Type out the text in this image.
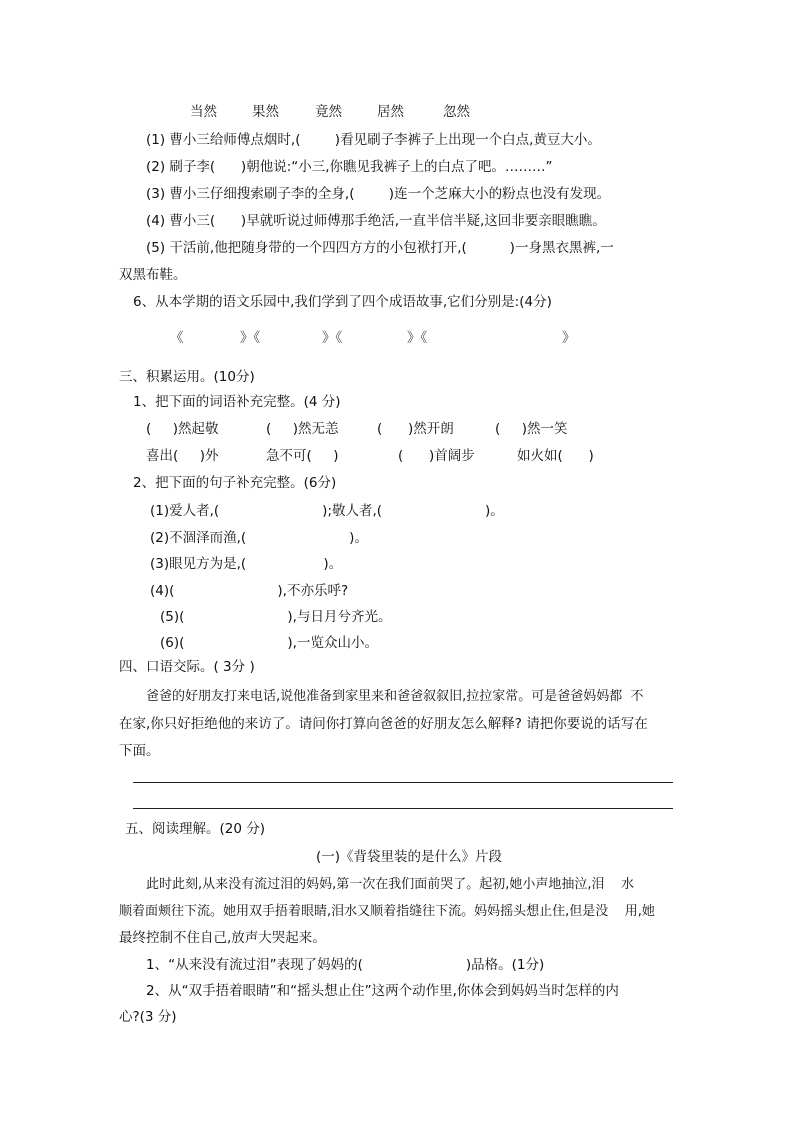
当然	果然	竟然	居然	忽然
(1) 曹小三给师傅点烟时,(        )看见刷子李裤子上出现一个白点,黄豆大小。
(2) 刷子李(      )朝他说:“小三,你瞧见我裤子上的白点了吧。………”
(3) 曹小三仔细搜索刷子李的全身,(        )连一个芝麻大小的粉点也没有发现。
(4) 曹小三(      )早就听说过师傅那手绝活,一直半信半疑,这回非要亲眼瞧瞧。
(5) 干活前,他把随身带的一个四四方方的小包袱打开,(          )一身黑衣黑裤,一
双黑布鞋。
6、从本学期的语文乐园中,我们学到了四个成语故事,它们分别是:(4分)
《	》《	》《	》《	》
三、积累运用。(10分)
1、把下面的词语补充完整。(4 分)
(     )然起敬	(     )然无恙	(      )然开朗	(     )然一笑
喜出(     )外	急不可(     )	(      )首阔步	如火如(      )
2、把下面的句子补充完整。(6分)
(1)爱人者,(                        );敬人者,(                        )。
(2)不涸泽而渔,(                        )。
(3)眼见方为是,(                  )。
(4)(                        ),不亦乐呼?
(5)(                        ),与日月兮齐光。
(6)(                        ),一览众山小。
四、口语交际。( 3分 )
爸爸的好朋友打来电话,说他准备到家里来和爸爸叙叙旧,拉拉家常。可是爸爸妈妈都  不
在家,你只好拒绝他的来访了。请问你打算向爸爸的好朋友怎么解释? 请把你要说的话写在
下面。
五、阅读理解。(20 分)
(一)《背袋里装的是什么》片段
此时此刻,从来没有流过泪的妈妈,第一次在我们面前哭了。起初,她小声地抽泣,泪    水
顺着面颊往下流。她用双手捂着眼睛,泪水又顺着指缝往下流。妈妈摇头想止住,但是没    用,她
最终控制不住自己,放声大哭起来。
1、“从来没有流过泪”表现了妈妈的(                        )品格。(1分)
2、从“双手捂着眼睛”和“摇头想止住”这两个动作里,你体会到妈妈当时怎样的内
心?(3 分)
